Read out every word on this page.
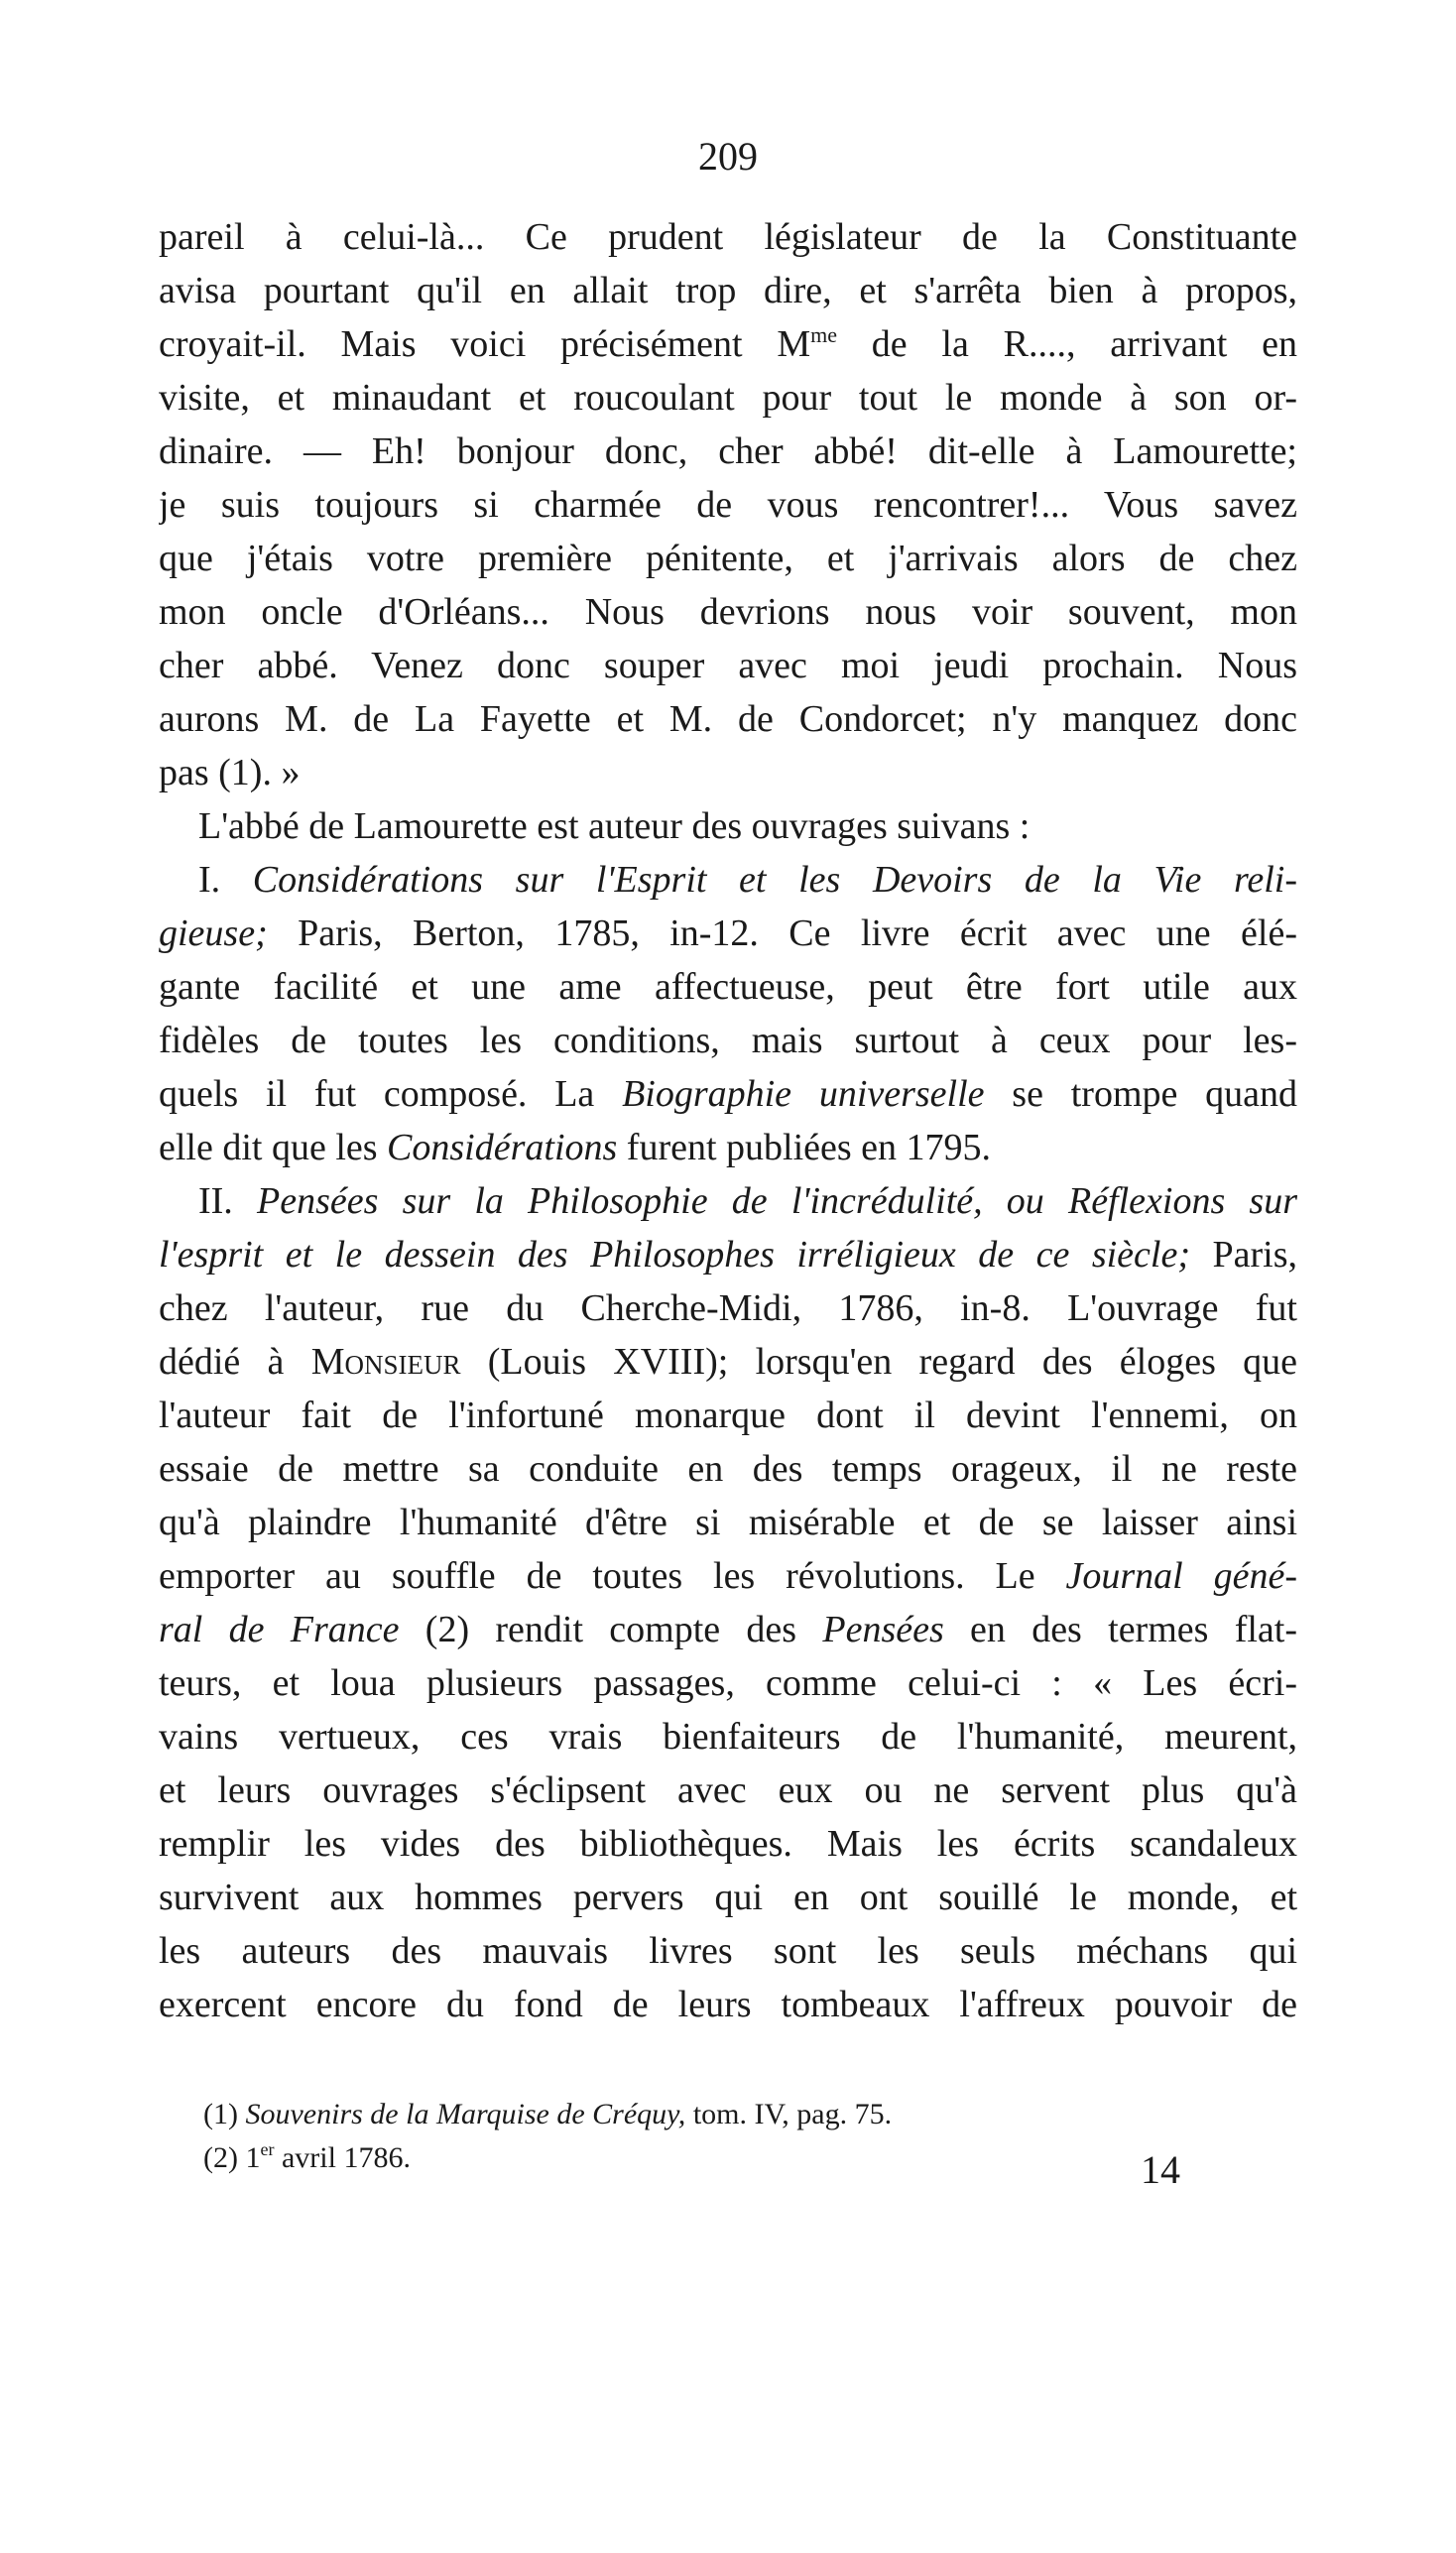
209
pareil à celui-là... Ce prudent législateur de la Constituante
avisa pourtant qu'il en allait trop dire, et s'arrêta bien à propos,
croyait-il. Mais voici précisément $M^{me}$ de la R...., arrivant en
visite, et minaudant et roucoulant pour tout le monde à son or-
dinaire. — Eh! bonjour donc, cher abbé! dit-elle à Lamourette;
je suis toujours si charmée de vous rencontrer!... Vous savez
que j'étais votre première pénitente, et j'arrivais alors de chez
mon oncle d'Orléans... Nous devrions nous voir souvent, mon
cher abbé. Venez donc souper avec moi jeudi prochain. Nous
aurons M. de La Fayette et M. de Condorcet; n'y manquez donc
pas (1). »
L'abbé de Lamourette est auteur des ouvrages suivans :
I. Considérations sur l'Esprit et les Devoirs de la Vie reli-
gieuse; Paris, Berton, 1785, in-12. Ce livre écrit avec une élé-
gante facilité et une ame affectueuse, peut être fort utile aux
fidèles de toutes les conditions, mais surtout à ceux pour les-
quels il fut composé. La Biographie universelle se trompe quand
elle dit que les Considérations furent publiées en 1795.
II. Pensées sur la Philosophie de l'incrédulité, ou Réflexions sur
l'esprit et le dessein des Philosophes irréligieux de ce siècle; Paris,
chez l'auteur, rue du Cherche-Midi, 1786, in-8. L'ouvrage fut
dédié à Monsieur (Louis XVIII); lorsqu'en regard des éloges que
l'auteur fait de l'infortuné monarque dont il devint l'ennemi, on
essaie de mettre sa conduite en des temps orageux, il ne reste
qu'à plaindre l'humanité d'être si misérable et de se laisser ainsi
emporter au souffle de toutes les révolutions. Le Journal géné-
ral de France (2) rendit compte des Pensées en des termes flat-
teurs, et loua plusieurs passages, comme celui-ci : « Les écri-
vains vertueux, ces vrais bienfaiteurs de l'humanité, meurent,
et leurs ouvrages s'éclipsent avec eux ou ne servent plus qu'à
remplir les vides des bibliothèques. Mais les écrits scandaleux
survivent aux hommes pervers qui en ont souillé le monde, et
les auteurs des mauvais livres sont les seuls méchans qui
exercent encore du fond de leurs tombeaux l'affreux pouvoir de
(1) Souvenirs de la Marquise de Créquy, tom. IV, pag. 75.
(2) 1er avril 1786.	14
